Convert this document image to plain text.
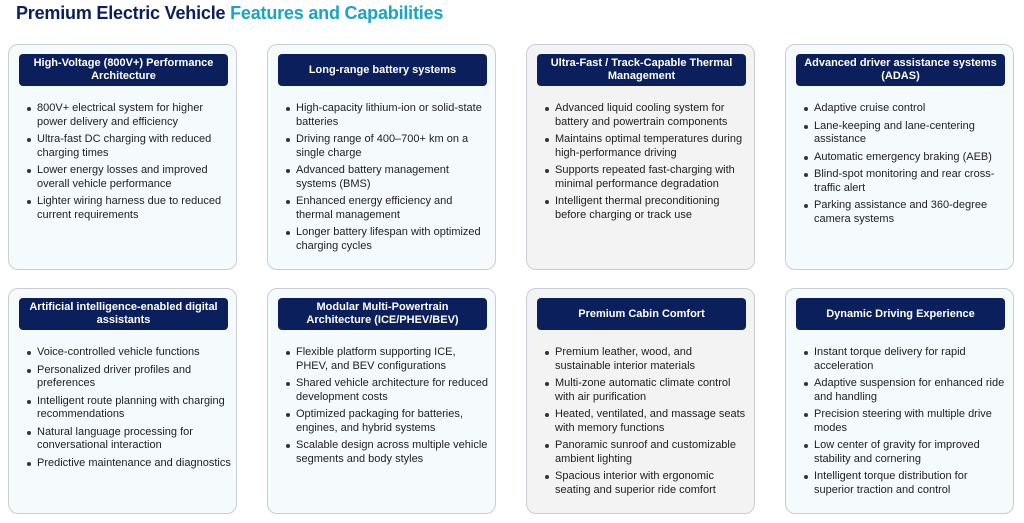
Premium Electric Vehicle Features and Capabilities
High-Voltage (800V+) Performance Architecture
800V+ electrical system for higher power delivery and efficiency
Ultra-fast DC charging with reduced charging times
Lower energy losses and improved overall vehicle performance
Lighter wiring harness due to reduced current requirements
Long-range battery systems
High-capacity lithium-ion or solid-state batteries
Driving range of 400–700+ km on a single charge
Advanced battery management systems (BMS)
Enhanced energy efficiency and thermal management
Longer battery lifespan with optimized charging cycles
Ultra-Fast / Track-Capable Thermal Management
Advanced liquid cooling system for battery and powertrain components
Maintains optimal temperatures during high-performance driving
Supports repeated fast-charging with minimal performance degradation
Intelligent thermal preconditioning before charging or track use
Advanced driver assistance systems (ADAS)
Adaptive cruise control
Lane-keeping and lane-centering assistance
Automatic emergency braking (AEB)
Blind-spot monitoring and rear cross-traffic alert
Parking assistance and 360-degree camera systems
Artificial intelligence-enabled digital assistants
Voice-controlled vehicle functions
Personalized driver profiles and preferences
Intelligent route planning with charging recommendations
Natural language processing for conversational interaction
Predictive maintenance and diagnostics
Modular Multi-Powertrain Architecture (ICE/PHEV/BEV)
Flexible platform supporting ICE, PHEV, and BEV configurations
Shared vehicle architecture for reduced development costs
Optimized packaging for batteries, engines, and hybrid systems
Scalable design across multiple vehicle segments and body styles
Premium Cabin Comfort
Premium leather, wood, and sustainable interior materials
Multi-zone automatic climate control with air purification
Heated, ventilated, and massage seats with memory functions
Panoramic sunroof and customizable ambient lighting
Spacious interior with ergonomic seating and superior ride comfort
Dynamic Driving Experience
Instant torque delivery for rapid acceleration
Adaptive suspension for enhanced ride and handling
Precision steering with multiple drive modes
Low center of gravity for improved stability and cornering
Intelligent torque distribution for superior traction and control
